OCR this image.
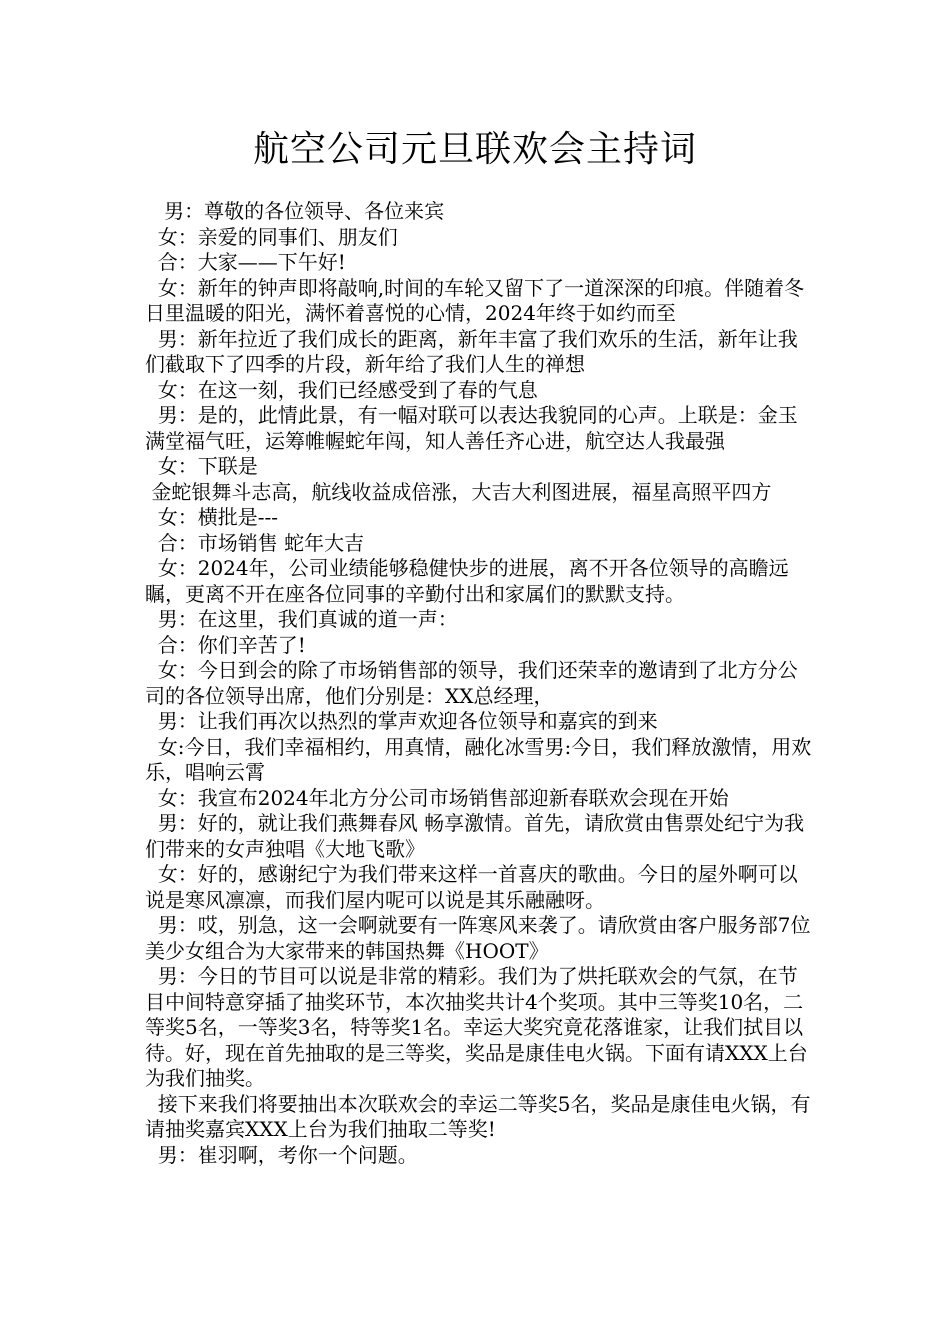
航空公司元旦联欢会主持词

男：尊敬的各位领导、各位来宾

女：亲爱的同事们、朋友们

合：大家——下午好!

女：新年的钟声即将敲响,时间的车轮又留下了一道深深的印痕。伴随着冬日里温暖的阳光，满怀着喜悦的心情，2024年终于如约而至

男：新年拉近了我们成长的距离，新年丰富了我们欢乐的生活，新年让我们截取下了四季的片段，新年给了我们人生的禅想

女：在这一刻，我们已经感受到了春的气息

男：是的，此情此景，有一幅对联可以表达我貌同的心声。上联是：金玉满堂福气旺，运筹帷幄蛇年闯，知人善任齐心进，航空达人我最强

女：下联是

金蛇银舞斗志高，航线收益成倍涨，大吉大利图进展，福星高照平四方

女：横批是---

合：市场销售 蛇年大吉

女：2024年，公司业绩能够稳健快步的进展，离不开各位领导的高瞻远瞩，更离不开在座各位同事的辛勤付出和家属们的默默支持。

男：在这里，我们真诚的道一声：

合：你们辛苦了!

女：今日到会的除了市场销售部的领导，我们还荣幸的邀请到了北方分公司的各位领导出席，他们分别是：XX总经理，

男：让我们再次以热烈的掌声欢迎各位领导和嘉宾的到来

女:今日，我们幸福相约，用真情，融化冰雪男:今日，我们释放激情，用欢乐，唱响云霄

女：我宣布2024年北方分公司市场销售部迎新春联欢会现在开始

男：好的，就让我们燕舞春风 畅享激情。首先，请欣赏由售票处纪宁为我们带来的女声独唱《大地飞歌》

女：好的，感谢纪宁为我们带来这样一首喜庆的歌曲。今日的屋外啊可以说是寒风凛凛，而我们屋内呢可以说是其乐融融呀。

男：哎，别急，这一会啊就要有一阵寒风来袭了。请欣赏由客户服务部7位美少女组合为大家带来的韩国热舞《HOOT》

男：今日的节目可以说是非常的精彩。我们为了烘托联欢会的气氛，在节目中间特意穿插了抽奖环节，本次抽奖共计4个奖项。其中三等奖10名，二等奖5名，一等奖3名，特等奖1名。幸运大奖究竟花落谁家，让我们拭目以待。好，现在首先抽取的是三等奖，奖品是康佳电火锅。下面有请XXX上台为我们抽奖。

接下来我们将要抽出本次联欢会的幸运二等奖5名，奖品是康佳电火锅，有请抽奖嘉宾XXX上台为我们抽取二等奖!

男：崔羽啊，考你一个问题。
